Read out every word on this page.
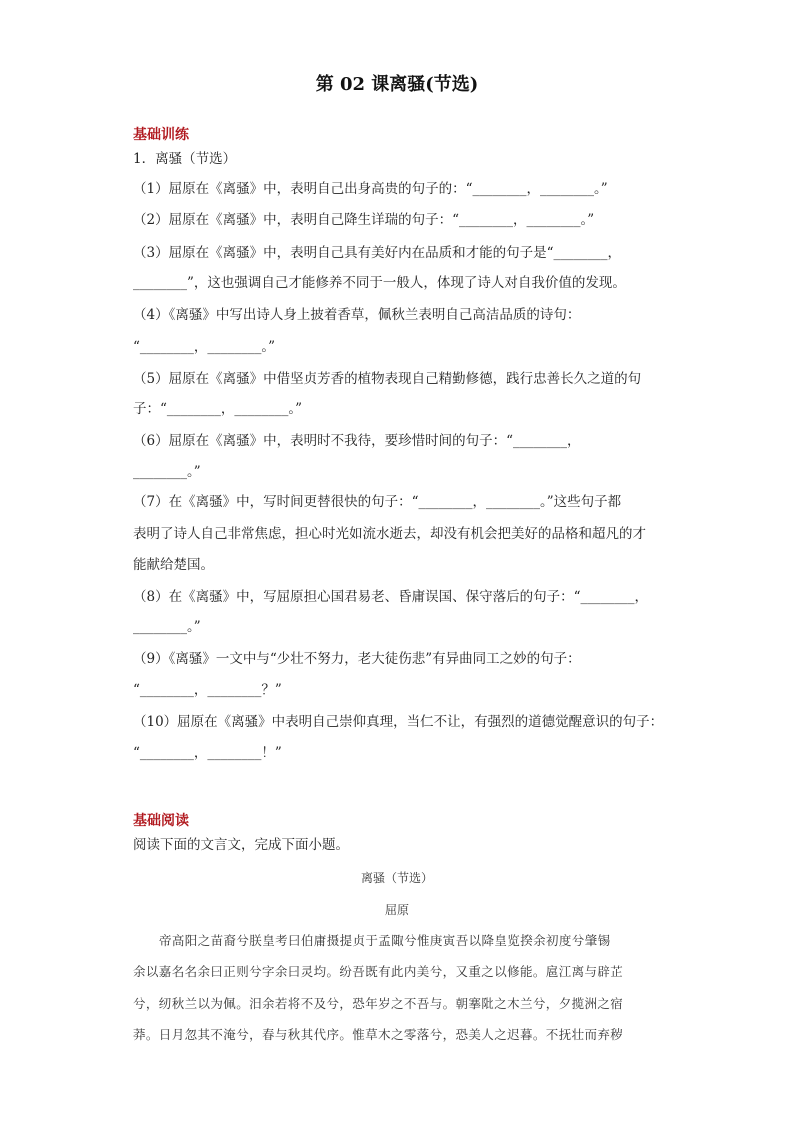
第 02 课离骚(节选)
基础训练
1．离骚（节选）
（1）屈原在《离骚》中，表明自己出身高贵的句子的：“________，________。”
（2）屈原在《离骚》中，表明自己降生详瑞的句子：“________，________。”
（3）屈原在《离骚》中，表明自己具有美好内在品质和才能的句子是“________，
________”，这也强调自己才能修养不同于一般人，体现了诗人对自我价值的发现。
（4）《离骚》中写出诗人身上披着香草，佩秋兰表明自己高洁品质的诗句：
“________，________。”
（5）屈原在《离骚》中借坚贞芳香的植物表现自己精勤修德，践行忠善长久之道的句
子：“________，________。”
（6）屈原在《离骚》中，表明时不我待，要珍惜时间的句子：“________，
________。”
（7）在《离骚》中，写时间更替很快的句子：“________，________。”这些句子都
表明了诗人自己非常焦虑，担心时光如流水逝去，却没有机会把美好的品格和超凡的才
能献给楚国。
（8）在《离骚》中，写屈原担心国君易老、昏庸误国、保守落后的句子：“________，
________。”
（9）《离骚》一文中与“少壮不努力，老大徒伤悲”有异曲同工之妙的句子：
“________，________？”
（10）屈原在《离骚》中表明自己崇仰真理，当仁不让，有强烈的道德觉醒意识的句子：
“________，________！”
基础阅读
阅读下面的文言文，完成下面小题。
离骚（节选）
屈原
帝高阳之苗裔兮朕皇考曰伯庸摄提贞于孟陬兮惟庚寅吾以降皇览揆余初度兮肇锡
余以嘉名名余曰正则兮字余曰灵均。纷吾既有此内美兮，又重之以修能。扈江离与辟芷
兮，纫秋兰以为佩。汨余若将不及兮，恐年岁之不吾与。朝搴阰之木兰兮，夕揽洲之宿
莽。日月忽其不淹兮，春与秋其代序。惟草木之零落兮，恐美人之迟暮。不抚壮而弃秽
